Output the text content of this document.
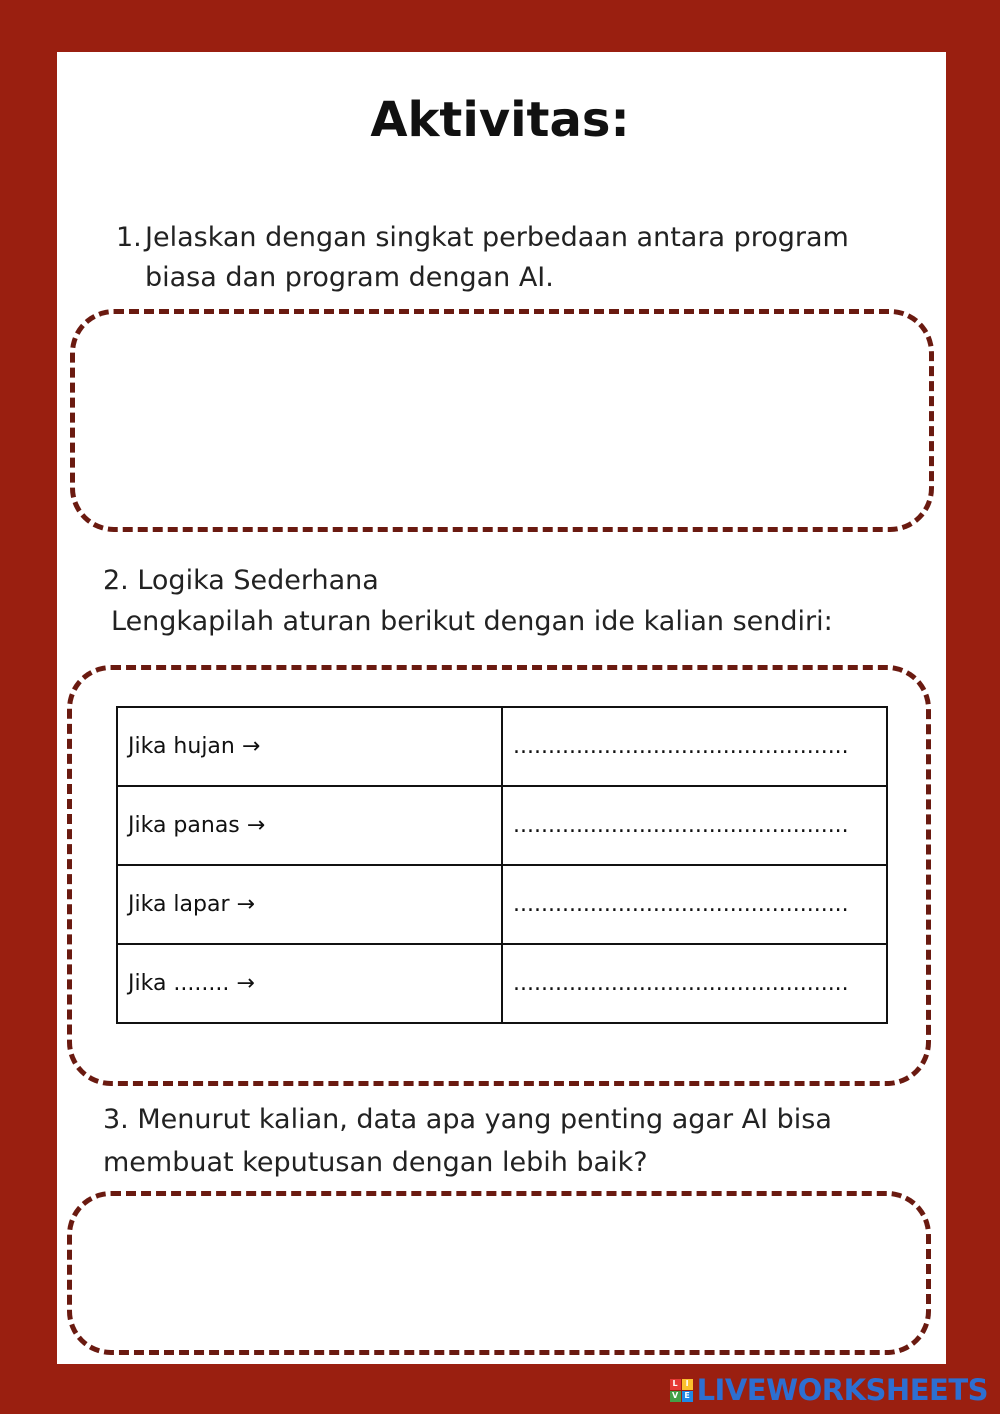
Aktivitas:
1. Jelaskan dengan singkat perbedaan antara program biasa dan program dengan AI.
2. Logika Sederhana
Lengkapilah aturan berikut dengan ide kalian sendiri:
Jika hujan →	................................................
Jika panas →	................................................
Jika lapar →	................................................
Jika ........ →	................................................
3. Menurut kalian, data apa yang penting agar AI bisa membuat keputusan dengan lebih baik?
L I
V E LIVEWORKSHEETS
